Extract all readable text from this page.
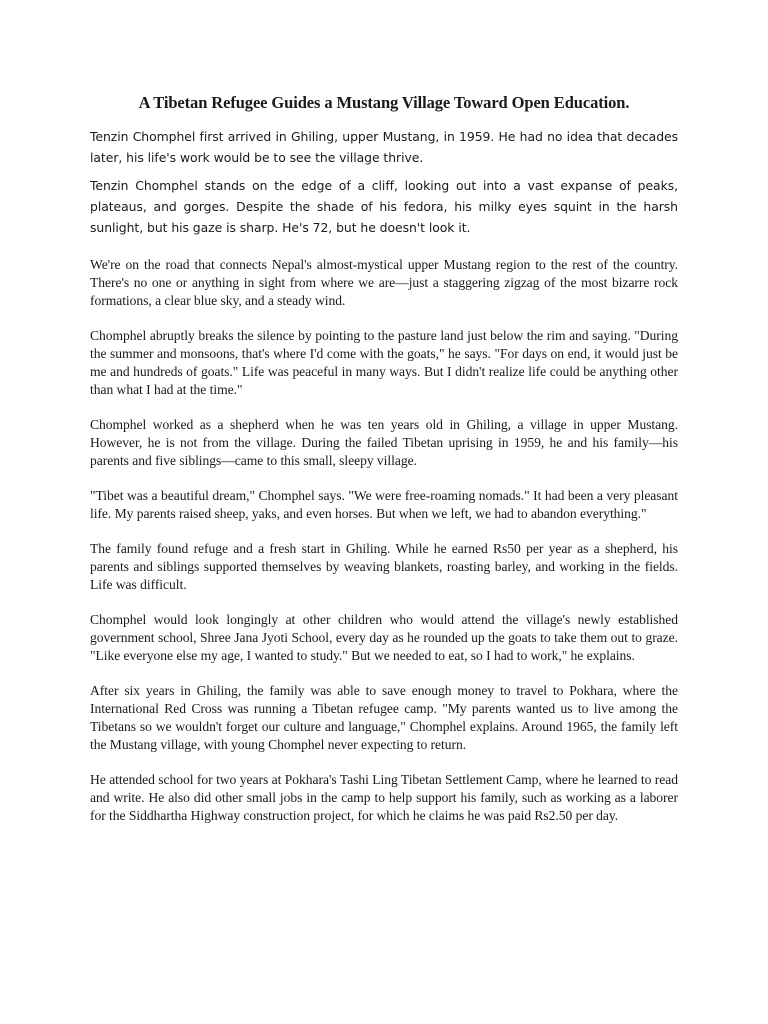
A Tibetan Refugee Guides a Mustang Village Toward Open Education.

Tenzin Chomphel first arrived in Ghiling, upper Mustang, in 1959. He had no idea that decades later, his life's work would be to see the village thrive.

Tenzin Chomphel stands on the edge of a cliff, looking out into a vast expanse of peaks, plateaus, and gorges. Despite the shade of his fedora, his milky eyes squint in the harsh sunlight, but his gaze is sharp. He's 72, but he doesn't look it.

We're on the road that connects Nepal's almost-mystical upper Mustang region to the rest of the country. There's no one or anything in sight from where we are—just a staggering zigzag of the most bizarre rock formations, a clear blue sky, and a steady wind.

Chomphel abruptly breaks the silence by pointing to the pasture land just below the rim and saying. "During the summer and monsoons, that's where I'd come with the goats," he says. "For days on end, it would just be me and hundreds of goats." Life was peaceful in many ways. But I didn't realize life could be anything other than what I had at the time."

Chomphel worked as a shepherd when he was ten years old in Ghiling, a village in upper Mustang. However, he is not from the village. During the failed Tibetan uprising in 1959, he and his family—his parents and five siblings—came to this small, sleepy village.

"Tibet was a beautiful dream," Chomphel says. "We were free-roaming nomads." It had been a very pleasant life. My parents raised sheep, yaks, and even horses. But when we left, we had to abandon everything."

The family found refuge and a fresh start in Ghiling. While he earned Rs50 per year as a shepherd, his parents and siblings supported themselves by weaving blankets, roasting barley, and working in the fields. Life was difficult.

Chomphel would look longingly at other children who would attend the village's newly established government school, Shree Jana Jyoti School, every day as he rounded up the goats to take them out to graze. "Like everyone else my age, I wanted to study." But we needed to eat, so I had to work," he explains.

After six years in Ghiling, the family was able to save enough money to travel to Pokhara, where the International Red Cross was running a Tibetan refugee camp. "My parents wanted us to live among the Tibetans so we wouldn't forget our culture and language," Chomphel explains. Around 1965, the family left the Mustang village, with young Chomphel never expecting to return.

He attended school for two years at Pokhara's Tashi Ling Tibetan Settlement Camp, where he learned to read and write. He also did other small jobs in the camp to help support his family, such as working as a laborer for the Siddhartha Highway construction project, for which he claims he was paid Rs2.50 per day.
